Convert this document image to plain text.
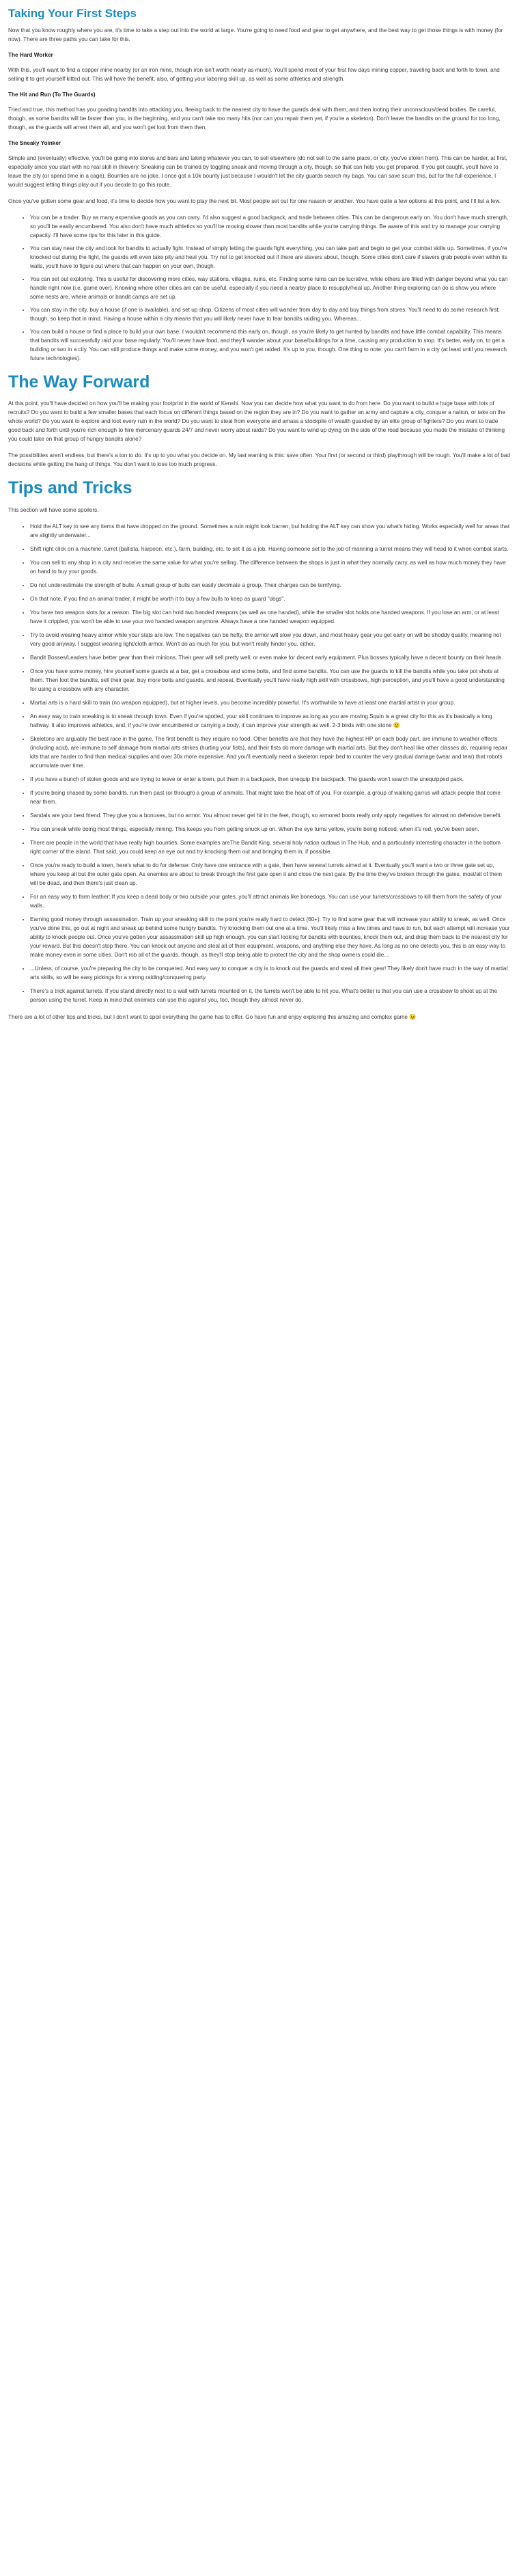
Taking Your First Steps

Now that you know roughly where you are, it's time to take a step out into the world at large. You're going to need food and gear to get anywhere, and the best way to get those things is with money (for now). There are three paths you can take for this.

The Hard Worker

With this, you'll want to find a copper mine nearby (or an iron mine, though iron isn't worth nearly as much). You'll spend most of your first few days mining copper, traveling back and forth to town, and selling it to get yourself kitted out. This will have the benefit, also, of getting your laboring skill up, as well as some athletics and strength.

The Hit and Run (To The Guards)

Tried and true, this method has you goading bandits into attacking you, fleeing back to the nearest city to have the guards deal with them, and then looting their unconscious/dead bodies. Be careful, though, as some bandits will be faster than you, in the beginning, and you can't take too many hits (nor can you repair them yet, if you're a skeleton). Don't leave the bandits on the ground for too long, though, as the guards will arrest them all, and you won't get loot from them then.

The Sneaky Yoinker

Simple and (eventually) effective, you'll be going into stores and bars and taking whatever you can, to sell elsewhere (do not sell to the same place, or city, you've stolen from). This can be harder, at first, especially since you start with no real skill in thievery. Sneaking can be trained by toggling sneak and moving through a city, though, so that can help you get prepared. If you get caught, you'll have to leave the city (or spend time in a cage). Bounties are no joke. I once got a 10k bounty just because I wouldn't let the city guards search my bags. You can save scum this, but for the full experience, I would suggest letting things play out if you decide to go this route.

Once you've gotten some gear and food, it's time to decide how you want to play the next bit. Most people set out for one reason or another. You have quite a few options at this point, and I'll list a few.

• You can be a trader. Buy as many expensive goods as you can carry. I'd also suggest a good backpack, and trade between cities. This can be dangerous early on. You don't have much strength, so you'll be easily encumbered. You also don't have much athletics so you'll be moving slower than most bandits while you're carrying things. Be aware of this and try to manage your carrying capacity. I'll have some tips for this later in this guide.
• You can stay near the city and look for bandits to actually fight. Instead of simply letting the guards fight everything, you can take part and begin to get your combat skills up. Sometimes, if you're knocked out during the fight, the guards will even take pity and heal you. Try not to get knocked out if there are slavers about, though. Some cities don't care if slavers grab people even within its walls, you'll have to figure out where that can happen on your own, though.
• You can set out exploring. This is useful for discovering more cities, way stations, villages, ruins, etc. Finding some ruins can be lucrative, while others are filled with danger beyond what you can handle right now (i.e. game over). Knowing where other cities are can be useful, especially if you need a nearby place to resupply/heal up. Another thing exploring can do is show you where some nests are, where animals or bandit camps are set up.
• You can stay in the city, buy a house (if one is available), and set up shop. Citizens of most cities will wander from day to day and buy things from stores. You'll need to do some research first, though, so keep that in mind. Having a house within a city means that you will likely never have to fear bandits raiding you. Whereas...
• You can build a house or find a place to build your own base. I wouldn't recommend this early on, though, as you're likely to get hunted by bandits and have little combat capability. This means that bandits will successfully raid your base regularly. You'll never have food, and they'll wander about your base/buildings for a time, causing any production to stop. It's better, early on, to get a building or two in a city. You can still produce things and make some money, and you won't get raided. It's up to you, though. One thing to note: you can't farm in a city (at least until you research future technologies).
The Way Forward

At this point, you'll have decided on how you'll be making your footprint in the world of Kenshi. Now you can decide how what you want to do from here. Do you want to build a huge base with lots of recruits? Do you want to build a few smaller bases that each focus on different things based on the region they are in? Do you want to gather an army and capture a city, conquer a nation, or take on the whole world? Do you want to explore and loot every ruin in the world? Do you want to steal from everyone and amass a stockpile of wealth guarded by an elite group of fighters? Do you want to trade good back and forth until you're rich enough to hire mercenary guards 24/7 and never worry about raids? Do you want to wind up dying on the side of the road because you made the mistake of thinking you could take on that group of hungry bandits alone?

The possibilities aren't endless, but there's a ton to do. It's up to you what you decide on. My last warning is this: save often. Your first (or second or third) playthrough will be rough. You'll make a lot of bad decisions while getting the hang of things. You don't want to lose too much progress.

Tips and Tricks

This section will have some spoilers.

• Hold the ALT key to see any items that have dropped on the ground. Sometimes a ruin might look barren, but holding the ALT key can show you what's hiding. Works especially well for areas that are slightly underwater...
• Shift right click on a machine, turret (ballista, harpoon, etc.), farm, building, etc. to set it as a job. Having someone set to the job of manning a turret means they will head to it when combat starts.
• You can sell to any shop in a city and receive the same value for what you're selling. The difference between the shops is just in what they normally carry, as well as how much money they have on hand to buy your goods.
• Do not underestimate the strength of bulls. A small group of bulls can easily decimate a group. Their charges can be terrifying.
• On that note, if you find an animal trader, it might be worth it to buy a few bulls to keep as guard "dogs".
• You have two weapon slots for a reason. The big slot can hold two handed weapons (as well as one handed), while the smaller slot holds one handed weapons. If you lose an arm, or at least have it crippled, you won't be able to use your two handed weapon anymore. Always have a one handed weapon equipped.
• Try to avoid wearing heavy armor while your stats are low. The negatives can be hefty, the armor will slow you down, and most heavy gear you get early on will be shoddy quality, meaning not very good anyway. I suggest wearing light/cloth armor. Won't do as much for you, but won't really hinder you, either.
• Bandit Bosses/Leaders have better gear than their minions. Their gear will sell pretty well, or even make for decent early equipment. Plus bosses typically have a decent bounty on their heads.
• Once you have some money, hire yourself some guards at a bar, get a crossbow and some bolts, and find some bandits. You can use the guards to kill the bandits while you take pot shots at them. Then loot the bandits, sell their gear, buy more bolts and guards, and repeat. Eventually you'll have really high skill with crossbows, high perception, and you'll have a good understanding for using a crossbow with any character.
• Martial arts is a hard skill to train (no weapon equipped), but at higher levels, you become incredibly powerful. It's worthwhile to have at least one martial artist in your group.
• An easy way to train sneaking is to sneak through town. Even if you're spotted, your skill continues to improve as long as you are moving.Squin is a great city for this as it's basically a long hallway. It also improves athletics, and, if you're over encumbered or carrying a body, it can improve your strength as well. 2-3 birds with one stone 😉
• Skeletons are arguably the best race in the game. The first benefit is they require no food. Other benefits are that they have the highest HP on each body part, are immune to weather effects (including acid), are immune to self damage from martial arts strikes (hurting your fists), and their fists do more damage with martial arts. But they don't heal like other classes do, requiring repair kits that are harder to find than medical supplies and over 30x more expensive. And you'll eventually need a skeleton repair bed to counter the very gradual damage (wear and tear) that robots accumulate over time.
• If you have a bunch of stolen goods and are trying to leave or enter a town, put them in a backpack, then unequip the backpack. The guards won't search the unequipped pack.
• If you're being chased by some bandits, run them past (or through) a group of animals. That might take the heat off of you. For example, a group of walking garrus will attack people that come near them.
• Sandals are your best friend. They give you a bonuses, but no armor. You almost never get hit in the feet, though, so armored boots really only apply negatives for almost no defensive benefit.
• You can sneak while doing most things, especially mining. This keeps you from getting snuck up on. When the eye turns yellow, you're being noticed, when it's red, you've been seen.
• There are people in the world that have really high bounties. Some examples areThe Bandit King, several holy nation outlaws in The Hub, and a particularly interesting character in the bottom right corner of the island. That said, you could keep an eye out and try knocking them out and bringing them in, if possible.
• Once you're ready to build a town, here's what to do for defense: Only have one entrance with a gate, then have several turrets aimed at it. Eventually you'll want a two or three gate set up, where you keep all but the outer gate open. As enemies are about to break through the first gate open it and close the next gate. By the time they've broken through the gates, most/all of them will be dead, and then there's just clean up.
• For an easy way to farm leather: If you keep a dead body or two outside your gates, you'll attract animals like bonedogs. You can use your turrets/crossbows to kill them from the safety of your walls.
• Earning good money through assassination. Train up your sneaking skill to the point you're really hard to detect (60+). Try to find some gear that will increase your ability to sneak, as well. Once you've done this, go out at night and sneak up behind some hungry bandits. Try knocking them out one at a time. You'll likely miss a few times and have to run, but each attempt will increase your ability to knock people out. Once you've gotten your assassination skill up high enough, you can start looking for bandits with bounties, knock them out, and drag them back to the nearest city for your reward. But this doesn't stop there. You can knock out anyone and steal all of their equipment, weapons, and anything else they have. As long as no one detects you, this is an easy way to make money even in some cities. Don't rob all of the guards, though, as they'll stop being able to protect the city and the shop owners could die...
• ...Unless, of course, you're preparing the city to be conquered. And easy way to conquer a city is to knock out the guards and steal all their gear! They likely don't have much in the way of martial arts skills, so will be easy pickings for a strong raiding/conquering party.
• There's a trick against turrets. If you stand directly next to a wall with turrets mounted on it, the turrets won't be able to hit you. What's better is that you can use a crossbow to shoot up at the person using the turret. Keep in mind that enemies can use this against you, too, though they almost never do.

There are a lot of other tips and tricks, but I don't want to spoil everything the game has to offer. Go have fun and enjoy exploring this amazing and complex game 😉
